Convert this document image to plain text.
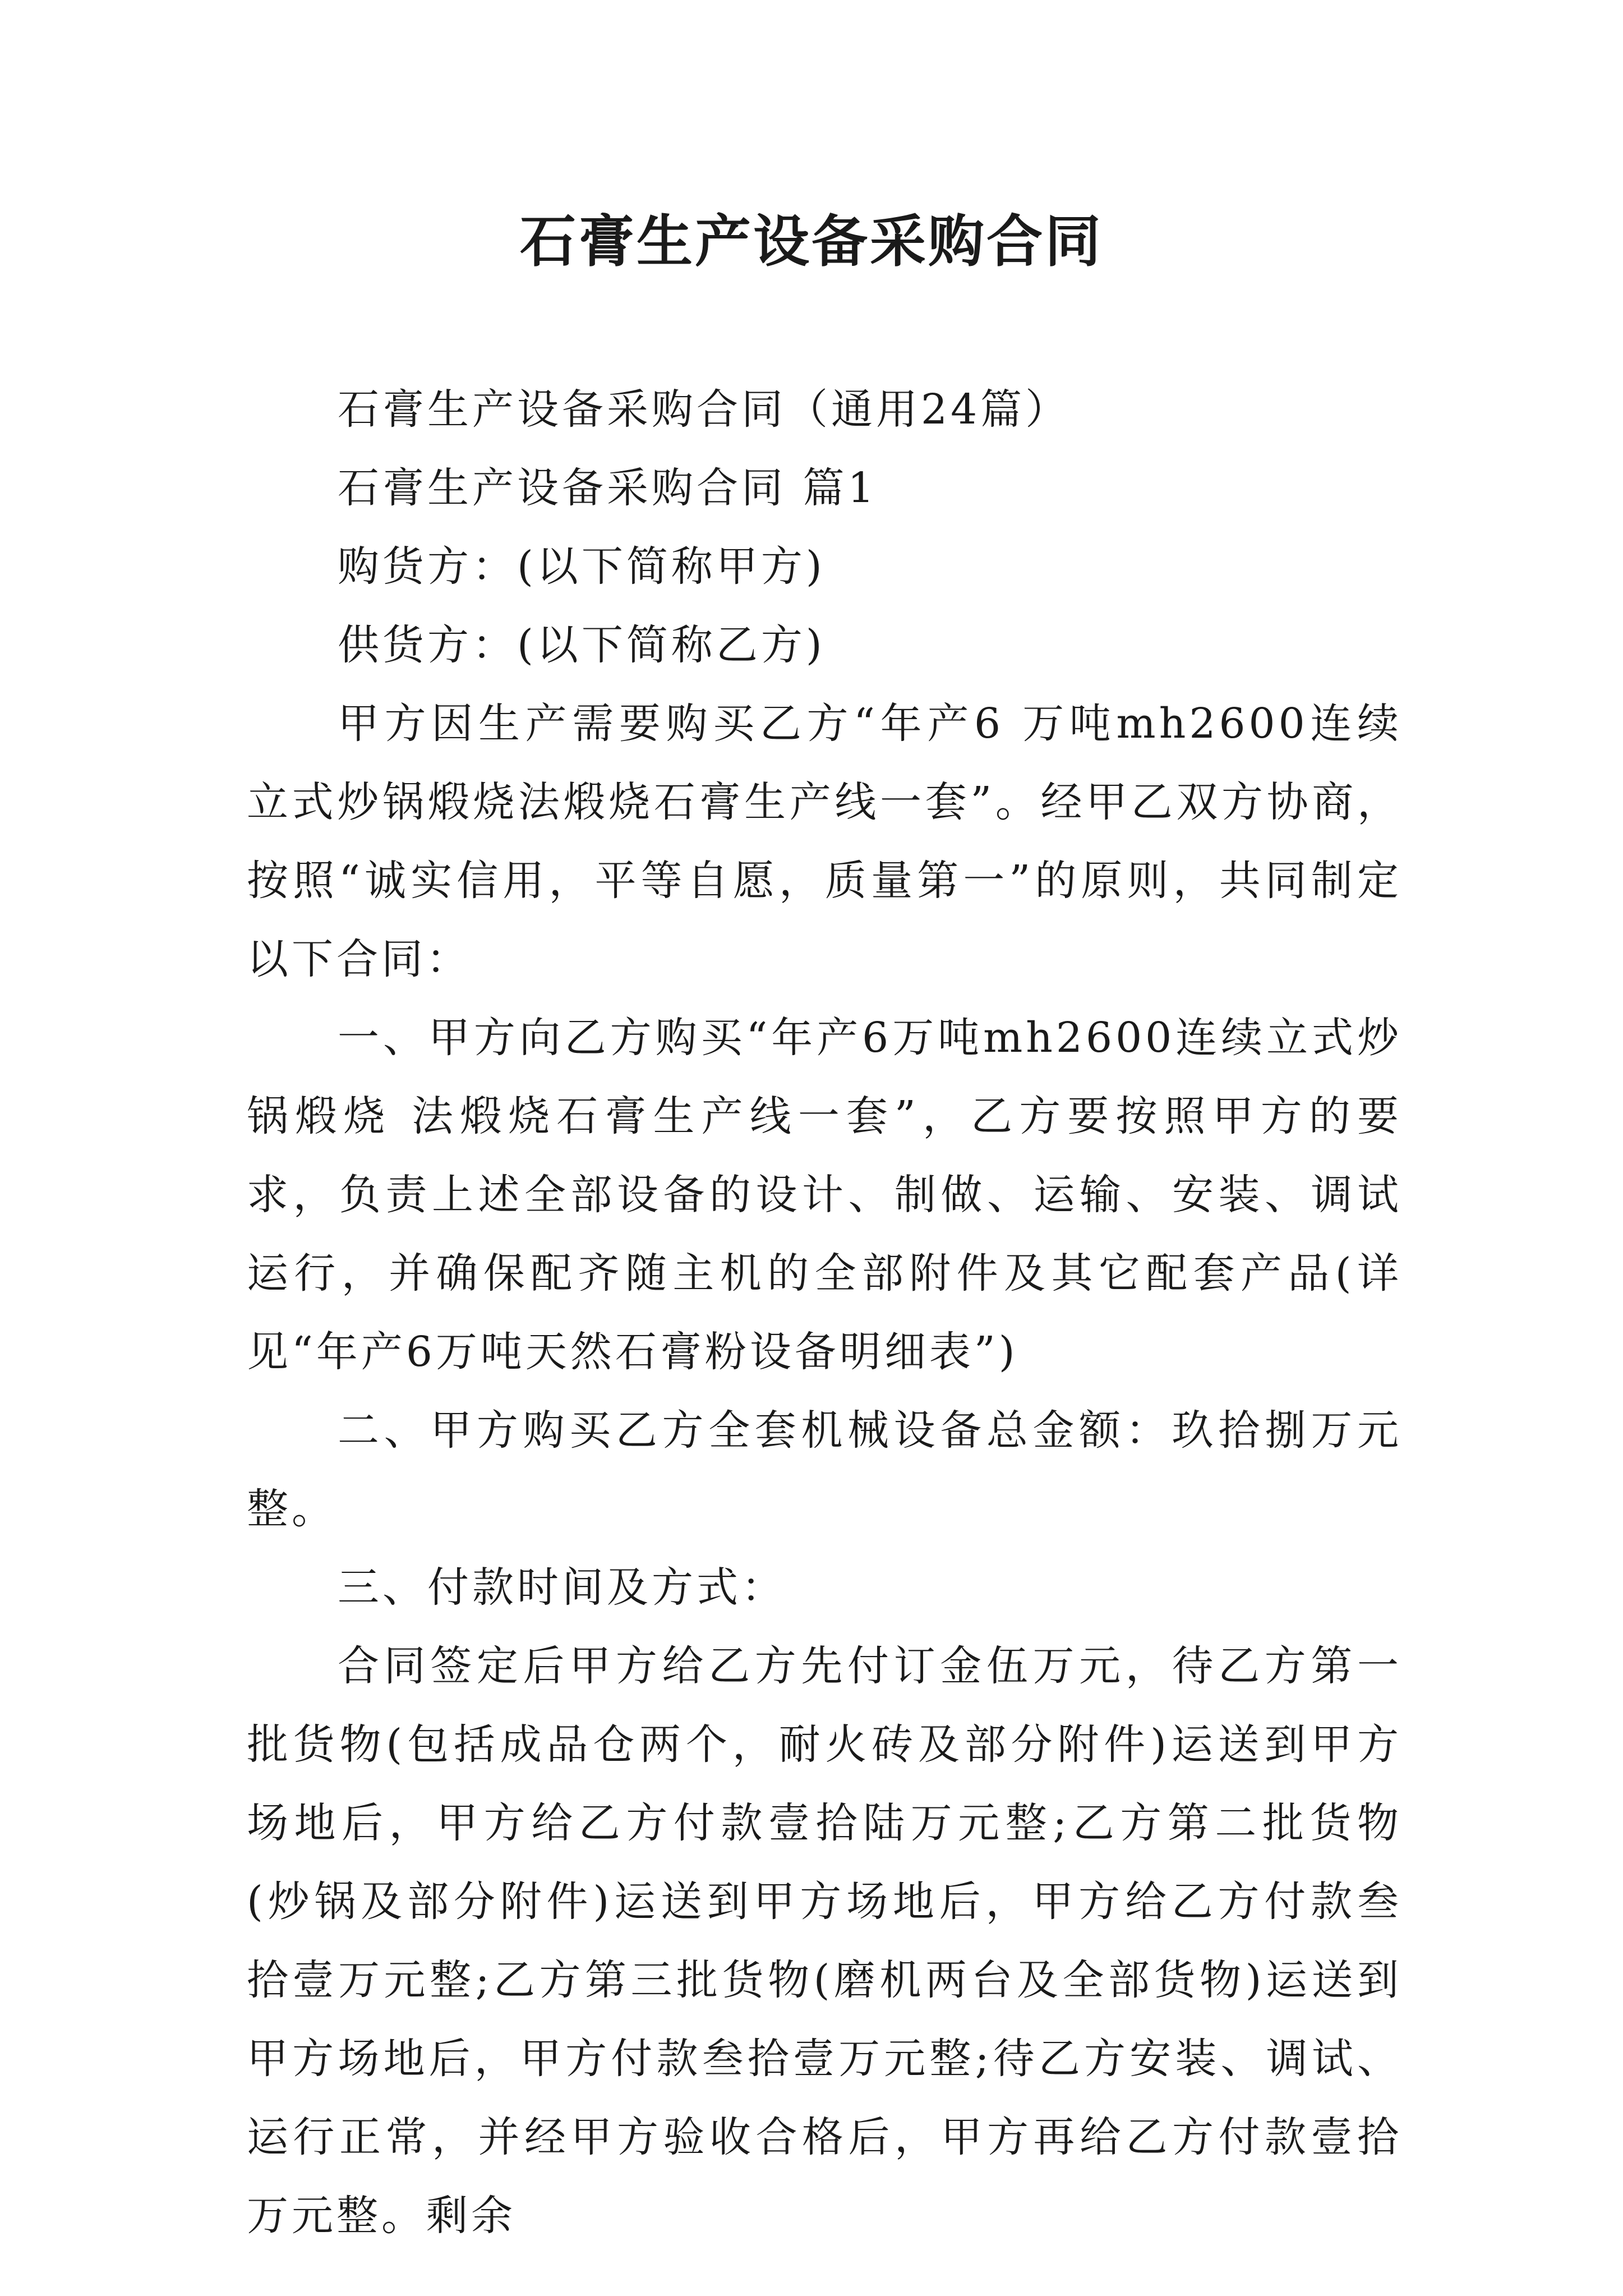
石膏生产设备采购合同

石膏生产设备采购合同（通用24篇）

石膏生产设备采购合同 篇1

购货方：(以下简称甲方)

供货方：(以下简称乙方)

甲方因生产需要购买乙方“年产6 万吨mh2600连续立式炒锅煅烧法煅烧石膏生产线一套”。经甲乙双方协商，按照“诚实信用，平等自愿，质量第一”的原则，共同制定以下合同：

一、甲方向乙方购买“年产6万吨mh2600连续立式炒锅煅烧 法煅烧石膏生产线一套”，乙方要按照甲方的要求，负责上述全部设备的设计、制做、运输、安装、调试运行，并确保配齐随主机的全部附件及其它配套产品(详见“年产6万吨天然石膏粉设备明细表”)

二、甲方购买乙方全套机械设备总金额：玖拾捌万元整。

三、付款时间及方式：

合同签定后甲方给乙方先付订金伍万元，待乙方第一批货物(包括成品仓两个，耐火砖及部分附件)运送到甲方场地后，甲方给乙方付款壹拾陆万元整;乙方第二批货物(炒锅及部分附件)运送到甲方场地后，甲方给乙方付款叁拾壹万元整;乙方第三批货物(磨机两台及全部货物)运送到甲方场地后，甲方付款叁拾壹万元整;待乙方安装、调试、运行正常，并经甲方验收合格后，甲方再给乙方付款壹拾万元整。剩余
